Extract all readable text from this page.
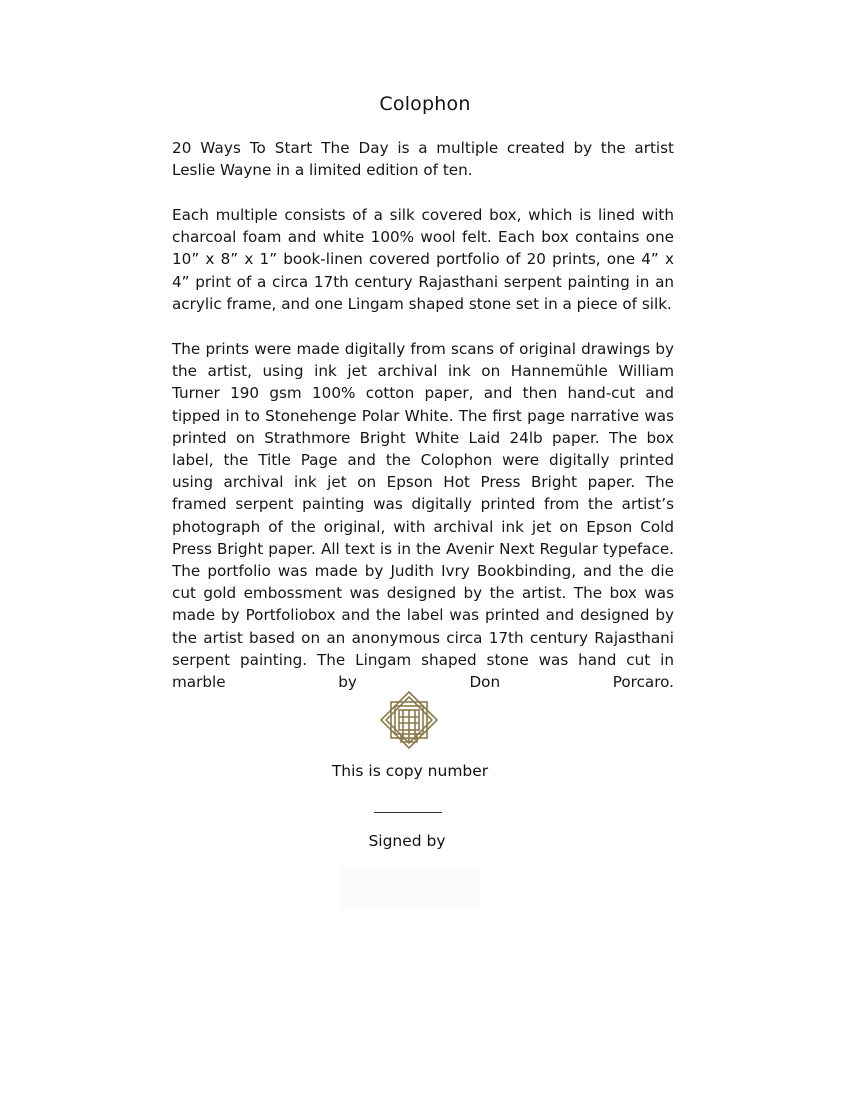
Colophon
20 Ways To Start The Day is a multiple created by the artist Leslie Wayne in a limited edition of ten.
Each multiple consists of a silk covered box, which is lined with charcoal foam and white 100% wool felt. Each box contains one 10” x 8” x 1” book-linen covered portfolio of 20 prints, one 4” x 4” print of a circa 17th century Rajasthani serpent painting in an acrylic frame, and one Lingam shaped stone set in a piece of silk.
The prints were made digitally from scans of original drawings by the artist, using ink jet archival ink on Hannemühle William Turner 190 gsm 100% cotton paper, and then hand-cut and tipped in to Stonehenge Polar White. The first page narrative was printed on Strathmore Bright White Laid 24lb paper. The box label, the Title Page and the Colophon were digitally printed using archival ink jet on Epson Hot Press Bright paper. The framed serpent painting was digitally printed from the artist’s photograph of the original, with archival ink jet on Epson Cold Press Bright paper. All text is in the Avenir Next Regular typeface. The portfolio was made by Judith Ivry Bookbinding, and the die cut gold embossment was designed by the artist. The box was made by Portfoliobox and the label was printed and designed by the artist based on an anonymous circa 17th century Rajasthani serpent painting. The Lingam shaped stone was hand cut in marble by Don Porcaro.
This is copy number
Signed by
